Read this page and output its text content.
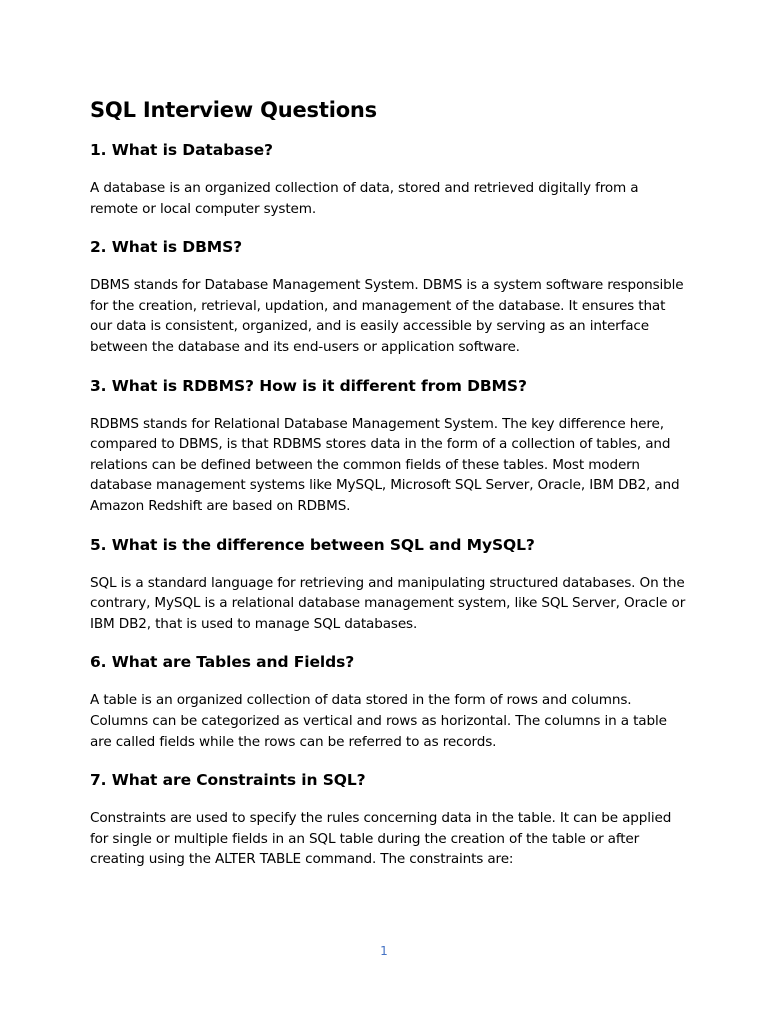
SQL Interview Questions
1. What is Database?

A database is an organized collection of data, stored and retrieved digitally from a remote or local computer system.

2. What is DBMS?

DBMS stands for Database Management System. DBMS is a system software responsible for the creation, retrieval, updation, and management of the database. It ensures that our data is consistent, organized, and is easily accessible by serving as an interface between the database and its end-users or application software.

3. What is RDBMS? How is it different from DBMS?

RDBMS stands for Relational Database Management System. The key difference here, compared to DBMS, is that RDBMS stores data in the form of a collection of tables, and relations can be defined between the common fields of these tables. Most modern database management systems like MySQL, Microsoft SQL Server, Oracle, IBM DB2, and Amazon Redshift are based on RDBMS.

5. What is the difference between SQL and MySQL?

SQL is a standard language for retrieving and manipulating structured databases. On the contrary, MySQL is a relational database management system, like SQL Server, Oracle or IBM DB2, that is used to manage SQL databases.

6. What are Tables and Fields?

A table is an organized collection of data stored in the form of rows and columns. Columns can be categorized as vertical and rows as horizontal. The columns in a table are called fields while the rows can be referred to as records.

7. What are Constraints in SQL?

Constraints are used to specify the rules concerning data in the table. It can be applied for single or multiple fields in an SQL table during the creation of the table or after creating using the ALTER TABLE command. The constraints are:

1
